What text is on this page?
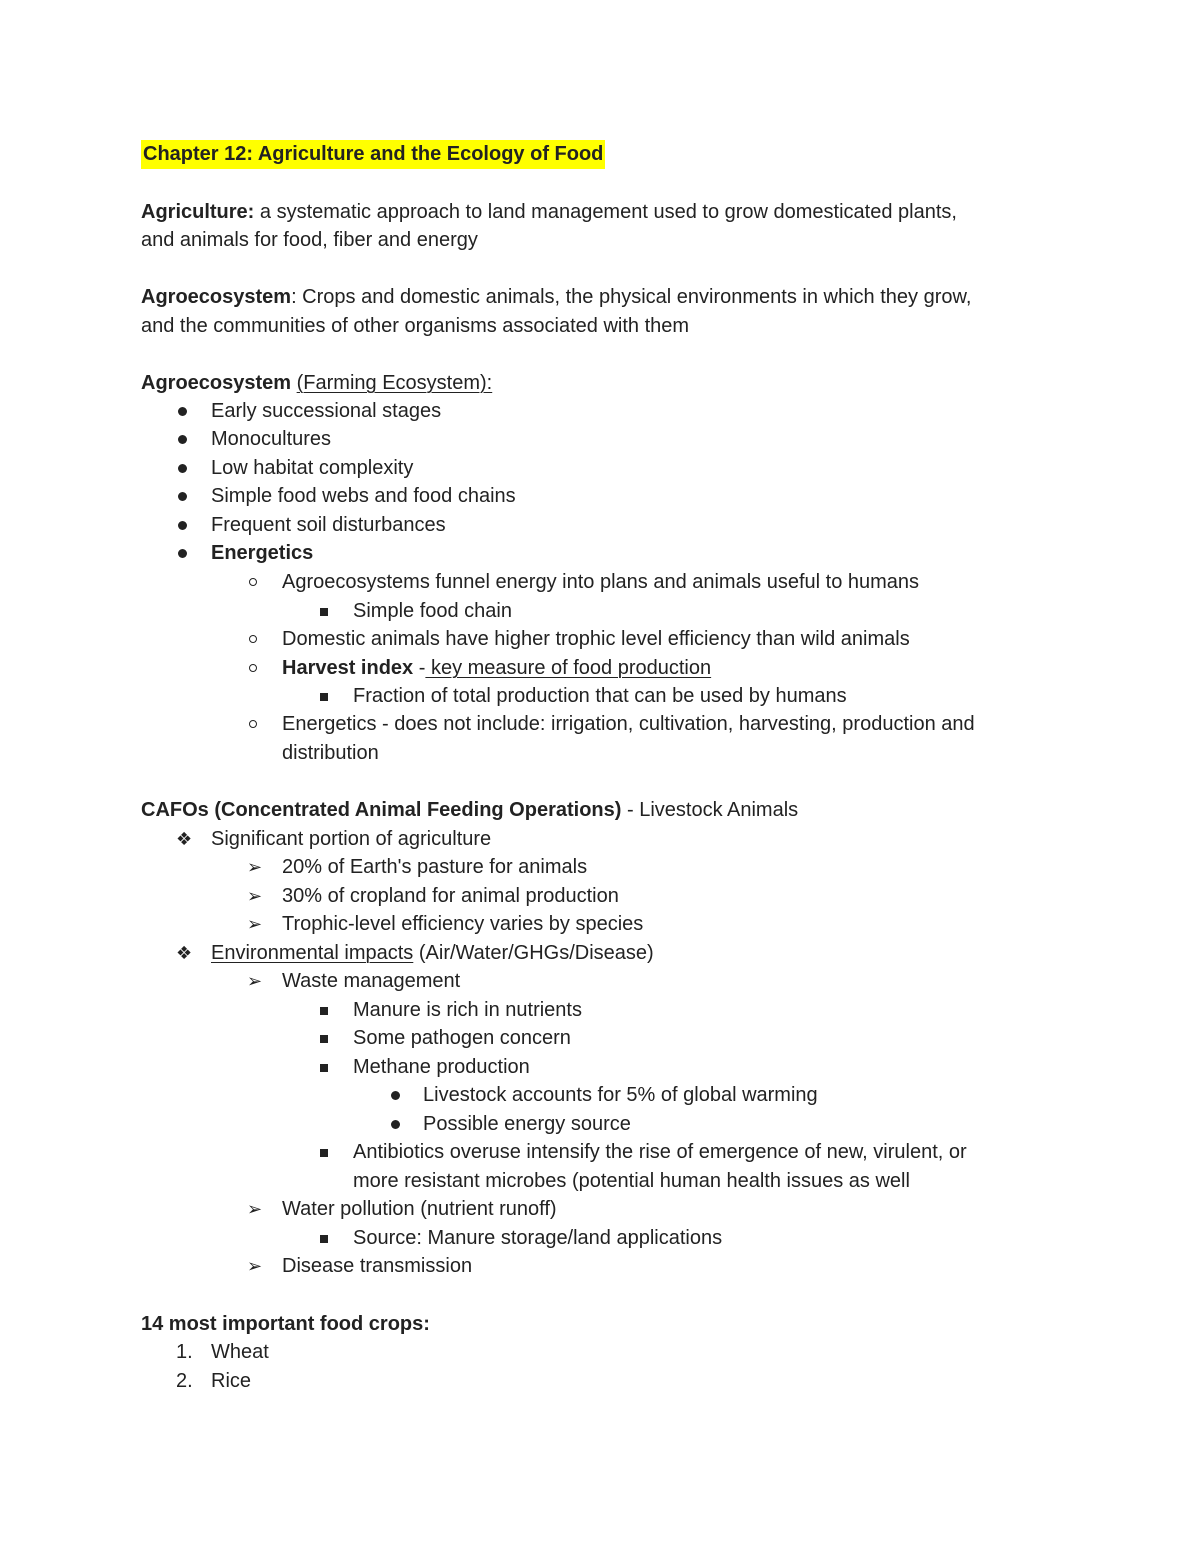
Chapter 12: Agriculture and the Ecology of Food
Agriculture: a systematic approach to land management used to grow domesticated plants,
and animals for food, fiber and energy
Agroecosystem: Crops and domestic animals, the physical environments in which they grow,
and the communities of other organisms associated with them
Agroecosystem (Farming Ecosystem):
Early successional stages
Monocultures
Low habitat complexity
Simple food webs and food chains
Frequent soil disturbances
Energetics
Agroecosystems funnel energy into plans and animals useful to humans
Simple food chain
Domestic animals have higher trophic level efficiency than wild animals
Harvest index - key measure of food production
Fraction of total production that can be used by humans
Energetics - does not include: irrigation, cultivation, harvesting, production and
distribution
CAFOs (Concentrated Animal Feeding Operations) - Livestock Animals
❖ Significant portion of agriculture
➢ 20% of Earth's pasture for animals
➢ 30% of cropland for animal production
➢ Trophic-level efficiency varies by species
❖ Environmental impacts (Air/Water/GHGs/Disease)
➢ Waste management
Manure is rich in nutrients
Some pathogen concern
Methane production
Livestock accounts for 5% of global warming
Possible energy source
Antibiotics overuse intensify the rise of emergence of new, virulent, or
more resistant microbes (potential human health issues as well
➢ Water pollution (nutrient runoff)
Source: Manure storage/land applications
➢ Disease transmission
14 most important food crops:
1. Wheat
2. Rice
